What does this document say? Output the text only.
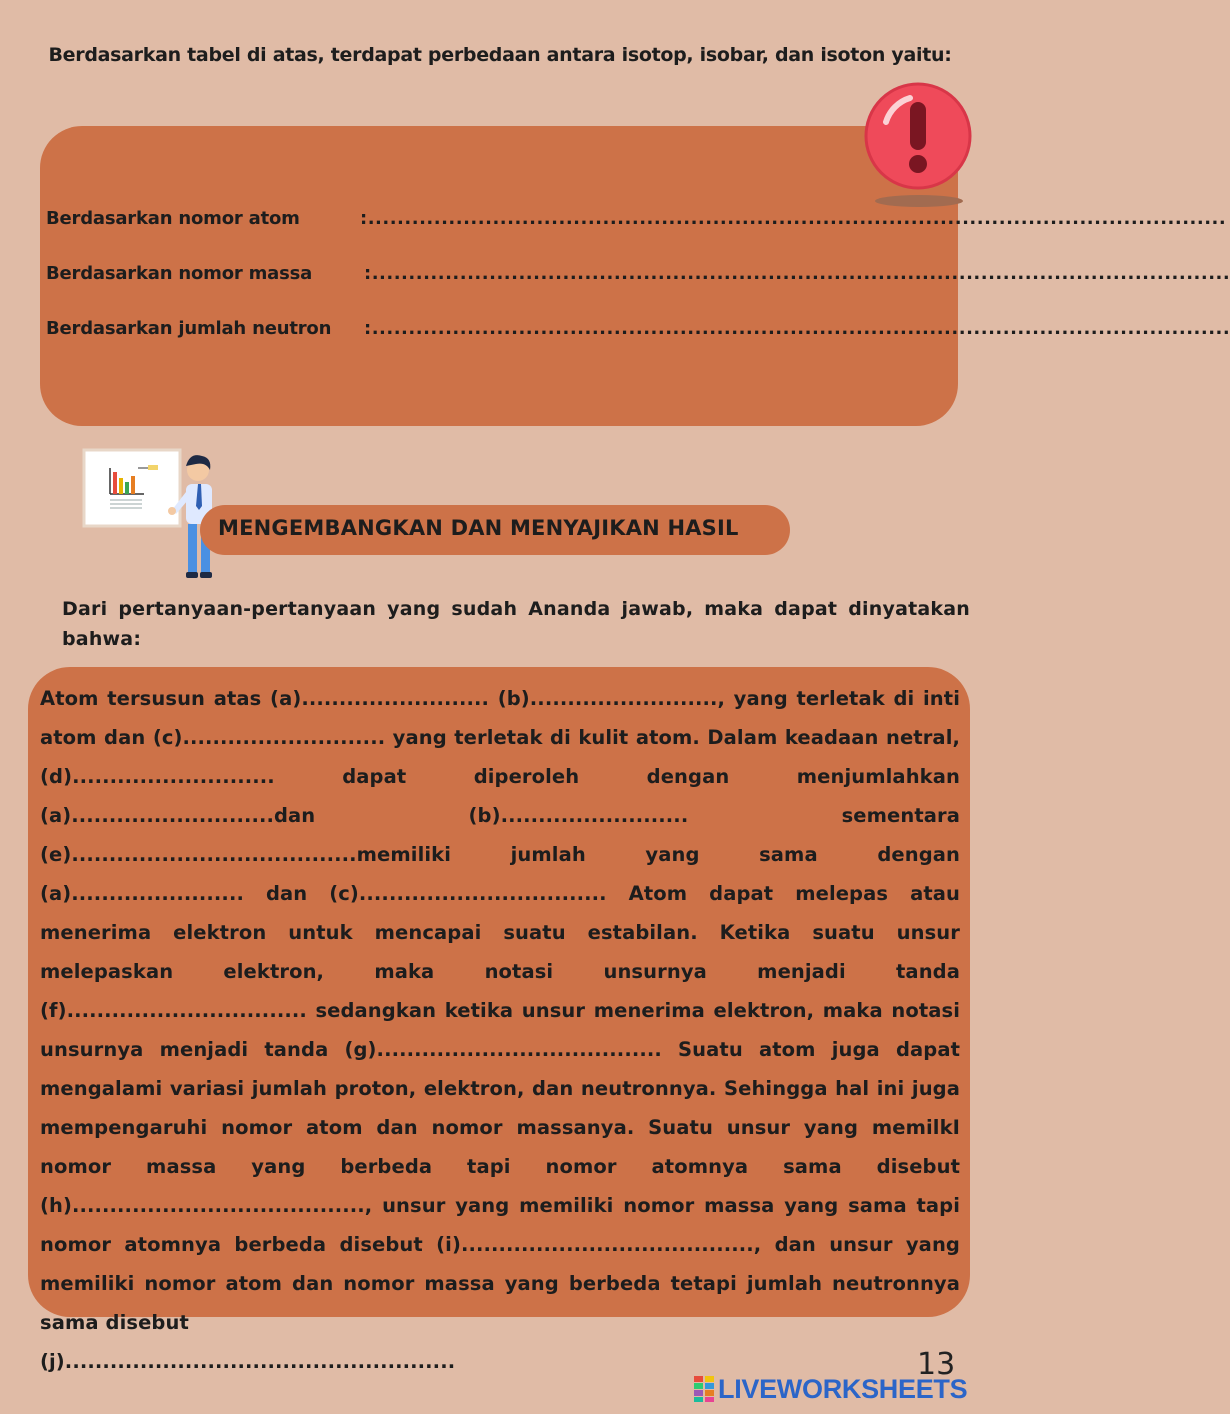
Berdasarkan tabel di atas, terdapat perbedaan antara isotop, isobar, dan isoton yaitu:
Berdasarkan nomor atom	:.....................................................................................................................
Berdasarkan nomor massa	:.....................................................................................................................
Berdasarkan jumlah neutron :.....................................................................................................................
MENGEMBANGKAN DAN MENYAJIKAN HASIL
Dari pertanyaan-pertanyaan yang sudah Ananda jawab, maka dapat dinyatakan bahwa:
Atom tersusun atas (a)......................... (b)........................., yang terletak di inti atom dan (c)........................... yang terletak di kulit atom. Dalam keadaan netral, (d)........................... dapat diperoleh dengan menjumlahkan (a)...........................dan (b)......................... sementara (e)......................................memiliki jumlah yang sama dengan (a)....................... dan (c)................................. Atom dapat melepas atau menerima elektron untuk mencapai suatu estabilan. Ketika suatu unsur melepaskan elektron, maka notasi unsurnya menjadi tanda (f)................................ sedangkan ketika unsur menerima elektron, maka notasi unsurnya menjadi tanda (g)...................................... Suatu atom juga dapat mengalami variasi jumlah proton, elektron, dan neutronnya. Sehingga hal ini juga mempengaruhi nomor atom dan nomor massanya. Suatu unsur yang memilkI nomor massa yang berbeda tapi nomor atomnya sama disebut (h)......................................., unsur yang memiliki nomor massa yang sama tapi nomor atomnya berbeda disebut (i)......................................., dan unsur yang memiliki nomor atom dan nomor massa yang berbeda tetapi jumlah neutronnya sama disebut
(j)....................................................	13
LIVEWORKSHEETS
